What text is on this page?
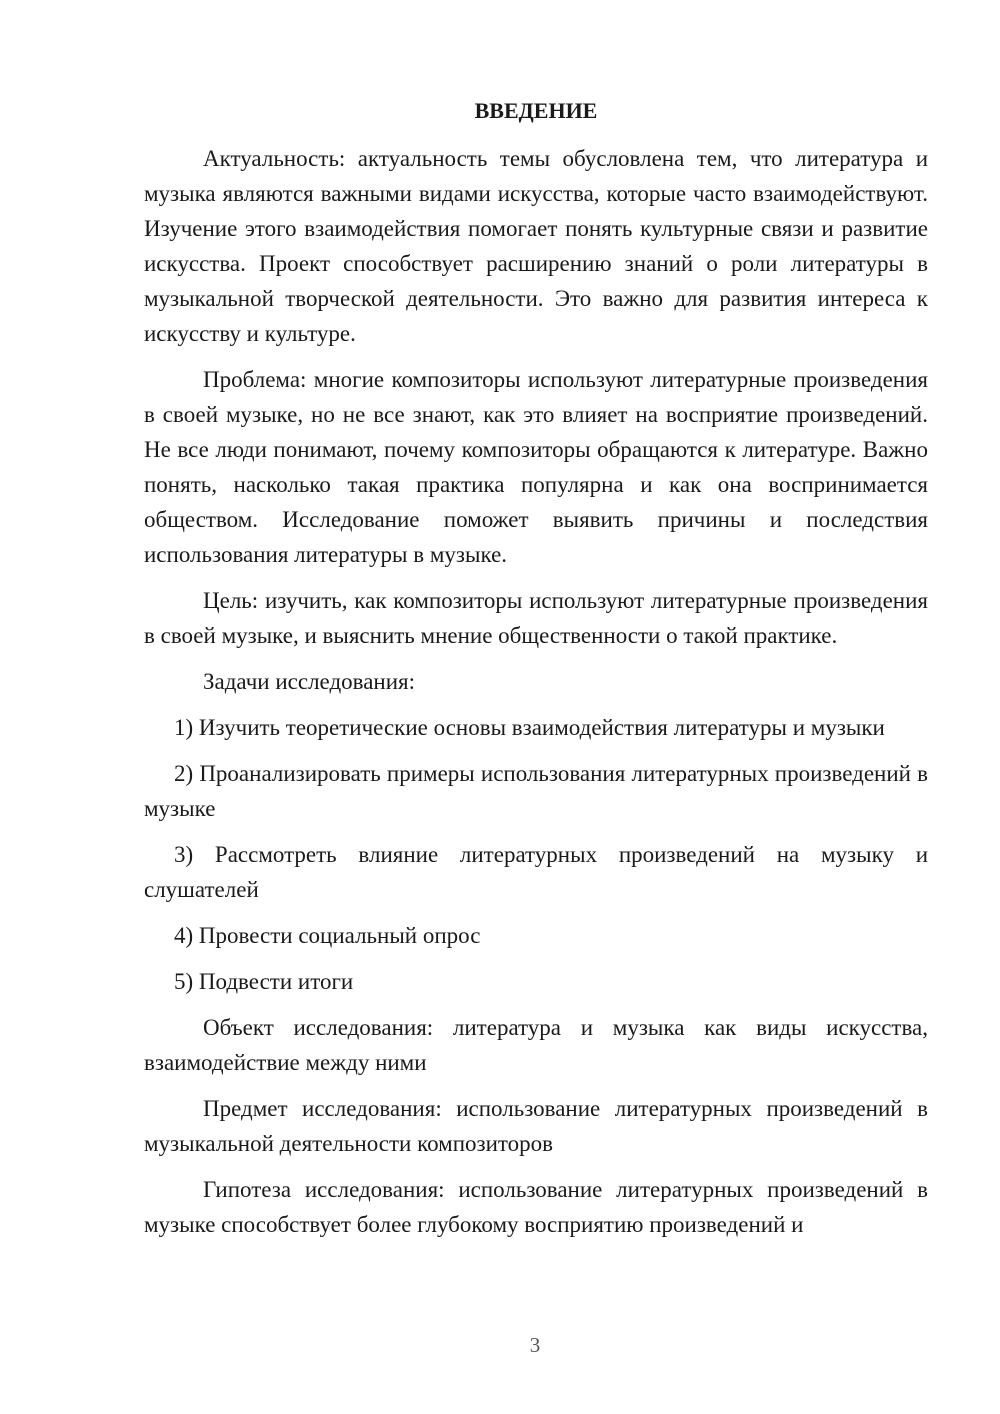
ВВЕДЕНИЕ

Актуальность: актуальность темы обусловлена тем, что литература и музыка являются важными видами искусства, которые часто взаимодействуют. Изучение этого взаимодействия помогает понять культурные связи и развитие искусства. Проект способствует расширению знаний о роли литературы в музыкальной творческой деятельности. Это важно для развития интереса к искусству и культуре.

Проблема: многие композиторы используют литературные произведения в своей музыке, но не все знают, как это влияет на восприятие произведений. Не все люди понимают, почему композиторы обращаются к литературе. Важно понять, насколько такая практика популярна и как она воспринимается обществом. Исследование поможет выявить причины и последствия использования литературы в музыке.

Цель: изучить, как композиторы используют литературные произведения в своей музыке, и выяснить мнение общественности о такой практике.

Задачи исследования:

1) Изучить теоретические основы взаимодействия литературы и музыки

2) Проанализировать примеры использования литературных произведений в музыке

3) Рассмотреть влияние литературных произведений на музыку и слушателей

4) Провести социальный опрос

5) Подвести итоги

Объект исследования: литература и музыка как виды искусства, взаимодействие между ними

Предмет исследования: использование литературных произведений в музыкальной деятельности композиторов

Гипотеза исследования: использование литературных произведений в музыке способствует более глубокому восприятию произведений и

3
